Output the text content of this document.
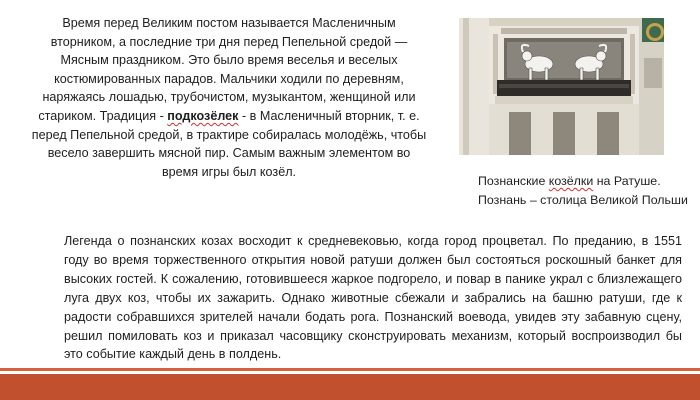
Время перед Великим постом называется Масленичным вторником, а последние три дня перед Пепельной средой — Мясным праздником. Это было время веселья и веселых костюмированных парадов. Мальчики ходили по деревням, наряжаясь лошадью, трубочистом, музыкантом, женщиной или стариком. Традиция - подкозёлек - в Масленичный вторник, т. е. перед Пепельной средой, в трактире собиралась молодёжь, чтобы весело завершить мясной пир. Самым важным элементом во время игры был козёл.

Познанские козёлки на Ратуше.
Познань – столица Великой Польши

Легенда о познанских козах восходит к средневековью, когда город процветал. По преданию, в 1551 году во время торжественного открытия новой ратуши должен был состояться роскошный банкет для высоких гостей. К сожалению, готовившееся жаркое подгорело, и повар в панике украл с близлежащего луга двух коз, чтобы их зажарить. Однако животные сбежали и забрались на башню ратуши, где к радости собравшихся зрителей начали бодать рога. Познанский воевода, увидев эту забавную сцену, решил помиловать коз и приказал часовщику сконструировать механизм, который воспроизводил бы это событие каждый день в полдень.
